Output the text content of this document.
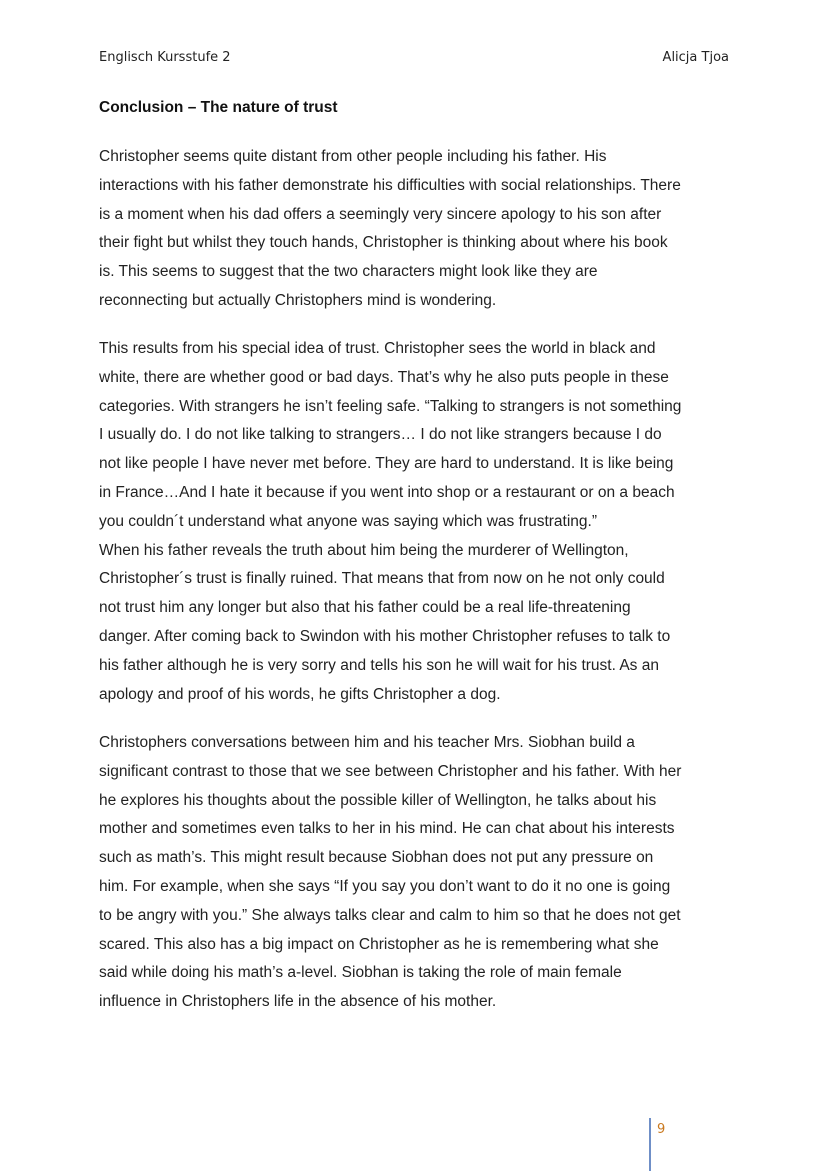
Englisch Kursstufe 2	Alicja Tjoa
Conclusion – The nature of trust
Christopher seems quite distant from other people including his father. His
interactions with his father demonstrate his difficulties with social relationships. There
is a moment when his dad offers a seemingly very sincere apology to his son after
their fight but whilst they touch hands, Christopher is thinking about where his book
is. This seems to suggest that the two characters might look like they are
reconnecting but actually Christophers mind is wondering.
This results from his special idea of trust. Christopher sees the world in black and
white, there are whether good or bad days. That’s why he also puts people in these
categories. With strangers he isn’t feeling safe. “Talking to strangers is not something
I usually do. I do not like talking to strangers… I do not like strangers because I do
not like people I have never met before. They are hard to understand. It is like being
in France…And I hate it because if you went into shop or a restaurant or on a beach
you couldn´t understand what anyone was saying which was frustrating.”
When his father reveals the truth about him being the murderer of Wellington,
Christopher´s trust is finally ruined. That means that from now on he not only could
not trust him any longer but also that his father could be a real life-threatening
danger. After coming back to Swindon with his mother Christopher refuses to talk to
his father although he is very sorry and tells his son he will wait for his trust. As an
apology and proof of his words, he gifts Christopher a dog.
Christophers conversations between him and his teacher Mrs. Siobhan build a
significant contrast to those that we see between Christopher and his father. With her
he explores his thoughts about the possible killer of Wellington, he talks about his
mother and sometimes even talks to her in his mind. He can chat about his interests
such as math’s. This might result because Siobhan does not put any pressure on
him. For example, when she says “If you say you don’t want to do it no one is going
to be angry with you.” She always talks clear and calm to him so that he does not get
scared. This also has a big impact on Christopher as he is remembering what she
said while doing his math’s a-level. Siobhan is taking the role of main female
influence in Christophers life in the absence of his mother.
9
